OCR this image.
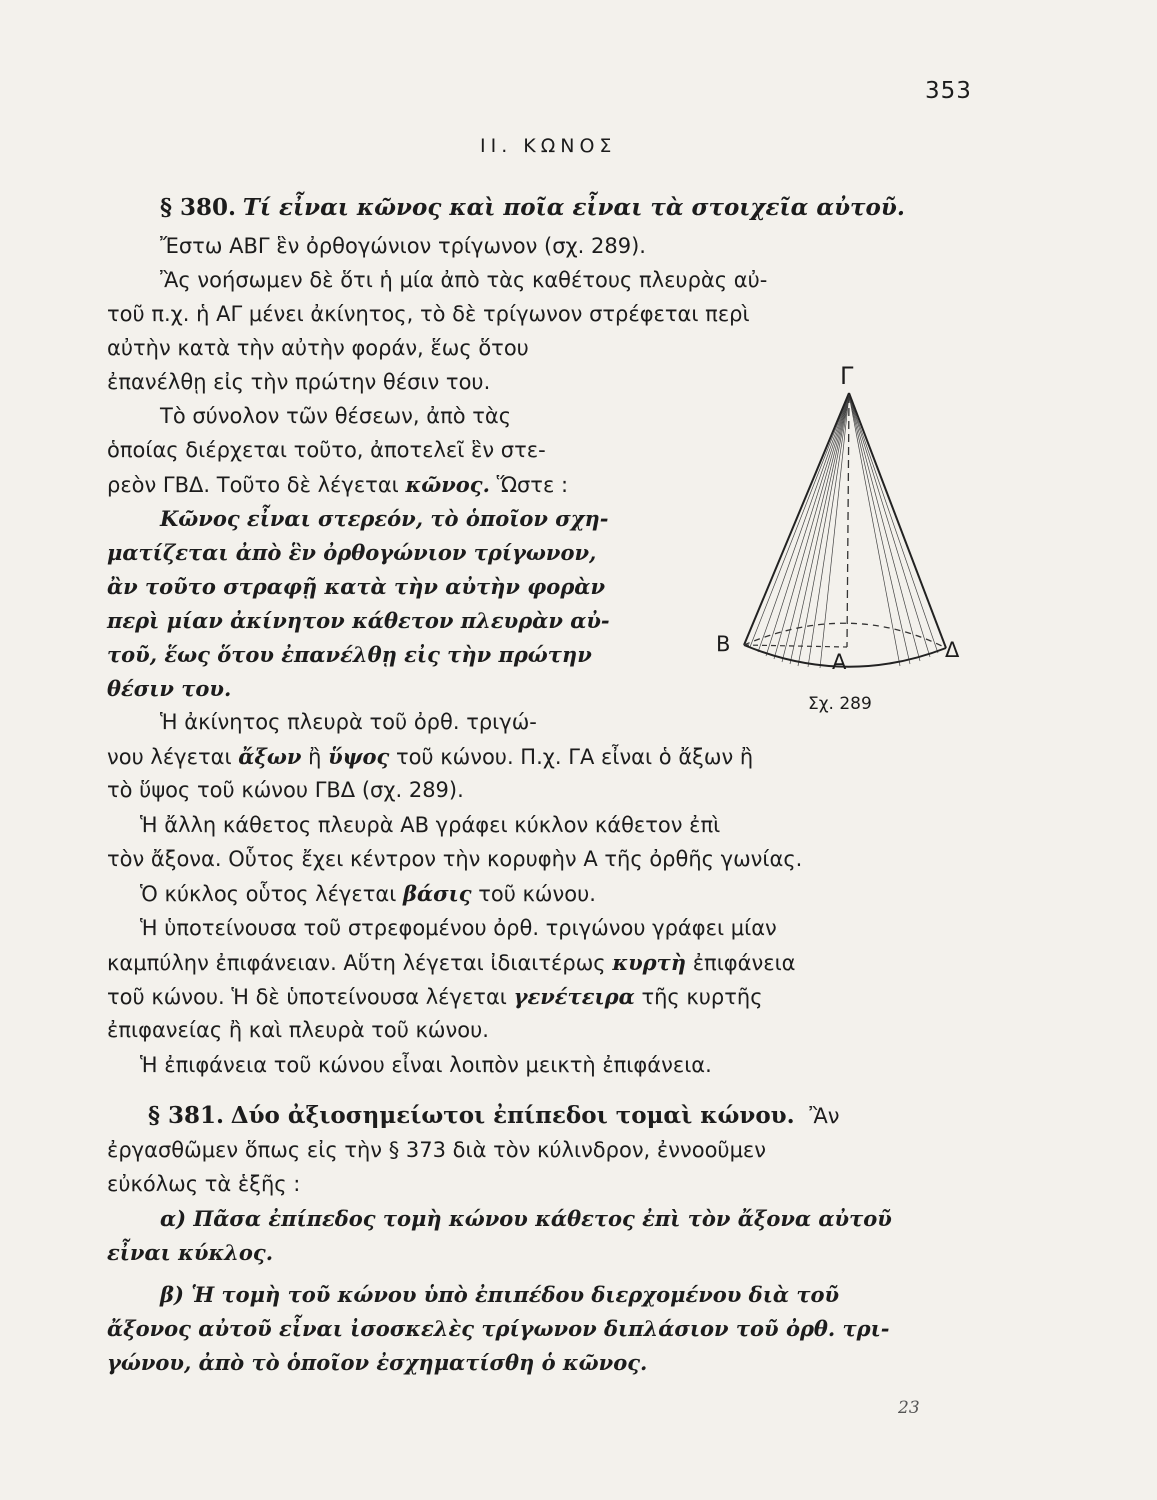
353
II. ΚΩΝΟΣ
§ 380. Τί εἶναι κῶνος καὶ ποῖα εἶναι τὰ στοιχεῖα αὐτοῦ.
Ἔστω ΑΒΓ ἓν ὀρθογώνιον τρίγωνον (σχ. 289).
Ἂς νοήσωμεν δὲ ὅτι ἡ μία ἀπὸ τὰς καθέτους πλευρὰς αὐ-
τοῦ π.χ. ἡ ΑΓ μένει ἀκίνητος, τὸ δὲ τρίγωνον στρέφεται περὶ
αὐτὴν κατὰ τὴν αὐτὴν φοράν, ἕως ὅτου
ἐπανέλθῃ εἰς τὴν πρώτην θέσιν του.
Τὸ σύνολον τῶν θέσεων, ἀπὸ τὰς
ὁποίας διέρχεται τοῦτο, ἀποτελεῖ ἓν στε-
ρεὸν ΓΒΔ. Τοῦτο δὲ λέγεται κῶνος. Ὥστε :
Κῶνος εἶναι στερεόν, τὸ ὁποῖον σχη-
ματίζεται ἀπὸ ἓν ὀρθογώνιον τρίγωνον,
ἂν τοῦτο στραφῇ κατὰ τὴν αὐτὴν φορὰν
περὶ μίαν ἀκίνητον κάθετον πλευρὰν αὐ-
τοῦ, ἕως ὅτου ἐπανέλθῃ εἰς τὴν πρώτην
θέσιν του.
Ἡ ἀκίνητος πλευρὰ τοῦ ὀρθ. τριγώ-
νου λέγεται ἄξων ἢ ὕψος τοῦ κώνου. Π.χ. ΓΑ εἶναι ὁ ἄξων ἢ
τὸ ὕψος τοῦ κώνου ΓΒΔ (σχ. 289).
Ἡ ἄλλη κάθετος πλευρὰ ΑΒ γράφει κύκλον κάθετον ἐπὶ
τὸν ἄξονα. Οὗτος ἔχει κέντρον τὴν κορυφὴν Α τῆς ὀρθῆς γωνίας.
Ὁ κύκλος οὗτος λέγεται βάσις τοῦ κώνου.
Ἡ ὑποτείνουσα τοῦ στρεφομένου ὀρθ. τριγώνου γράφει μίαν
καμπύλην ἐπιφάνειαν. Αὕτη λέγεται ἰδιαιτέρως κυρτὴ ἐπιφάνεια
τοῦ κώνου. Ἡ δὲ ὑποτείνουσα λέγεται γενέτειρα τῆς κυρτῆς
ἐπιφανείας ἢ καὶ πλευρὰ τοῦ κώνου.
Ἡ ἐπιφάνεια τοῦ κώνου εἶναι λοιπὸν μεικτὴ ἐπιφάνεια.
§ 381. Δύο ἀξιοσημείωτοι ἐπίπεδοι τομαὶ κώνου. Ἂν
ἐργασθῶμεν ὅπως εἰς τὴν § 373 διὰ τὸν κύλινδρον, ἐννοοῦμεν
εὐκόλως τὰ ἑξῆς :
α) Πᾶσα ἐπίπεδος τομὴ κώνου κάθετος ἐπὶ τὸν ἄξονα αὐτοῦ
εἶναι κύκλος.
β) Ἡ τομὴ τοῦ κώνου ὑπὸ ἐπιπέδου διερχομένου διὰ τοῦ
ἄξονος αὐτοῦ εἶναι ἰσοσκελὲς τρίγωνον διπλάσιον τοῦ ὀρθ. τρι-
γώνου, ἀπὸ τὸ ὁποῖον ἐσχηματίσθη ὁ κῶνος.
Γ
Β
Α	Δ
Σχ. 289
23
